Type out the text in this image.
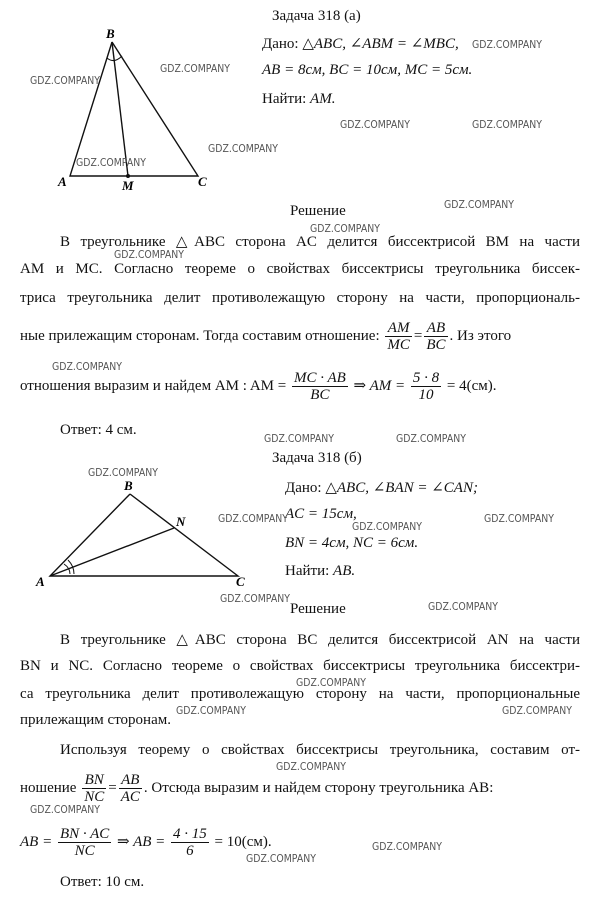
Задача 318 (а)
B
A	M	C
Дано: △ABC, ∠ABM = ∠MBC,
AB = 8см, BC = 10см, MC = 5см.
Найти: AM.
Решение
В треугольнике △ABC сторона AC делится биссектрисой BM на части
AM и MC. Согласно теореме о свойствах биссектрисы треугольника биссек-
триса треугольника делит противолежащую сторону на части, пропорциональ-
ные прилежащим сторонам. Тогда составим отношение: $\frac{AM}{MC} = \frac{AB}{BC}$ . Из этого
отношения выразим и найдем AM : AM = $\frac{MC \cdot AB}{BC}$ ⇒ AM = $\frac{5 \cdot 8}{10} = 4(см)$.
Ответ: 4 см.
Задача 318 (б)
B
N
A	C
Дано: △ABC, ∠BAN = ∠CAN;
AC = 15см,
BN = 4см, NC = 6см.
Найти: AB.
Решение
В треугольнике △ABC сторона BC делится биссектрисой AN на части
BN и NC. Согласно теореме о свойствах биссектрисы треугольника биссектри-
са треугольника делит противолежащую сторону на части, пропорциональные
прилежащим сторонам.
Используя теорему о свойствах биссектрисы треугольника, составим от-
ношение $\frac{BN}{NC} = \frac{AB}{AC}$ . Отсюда выразим и найдем сторону треугольника AB:
AB = $\frac{BN \cdot AC}{NC}$ ⇒ AB = $\frac{4 \cdot 15}{6} = 10(см)$.
Ответ: 10 см.
GDZ.COMPANY
GDZ.COMPANY
GDZ.COMPANY
GDZ.COMPANY	GDZ.COMPANY
GDZ.COMPANY
GDZ.COMPANY
GDZ.COMPANY
GDZ.COMPANY
GDZ.COMPANY
GDZ.COMPANY
GDZ.COMPANY	GDZ.COMPANY
GDZ.COMPANY
GDZ.COMPANY
GDZ.COMPANY
GDZ.COMPANY
GDZ.COMPANY
GDZ.COMPANY
GDZ.COMPANY
GDZ.COMPANY	GDZ.COMPANY
GDZ.COMPANY
GDZ.COMPANY
GDZ.COMPANY
GDZ.COMPANY
